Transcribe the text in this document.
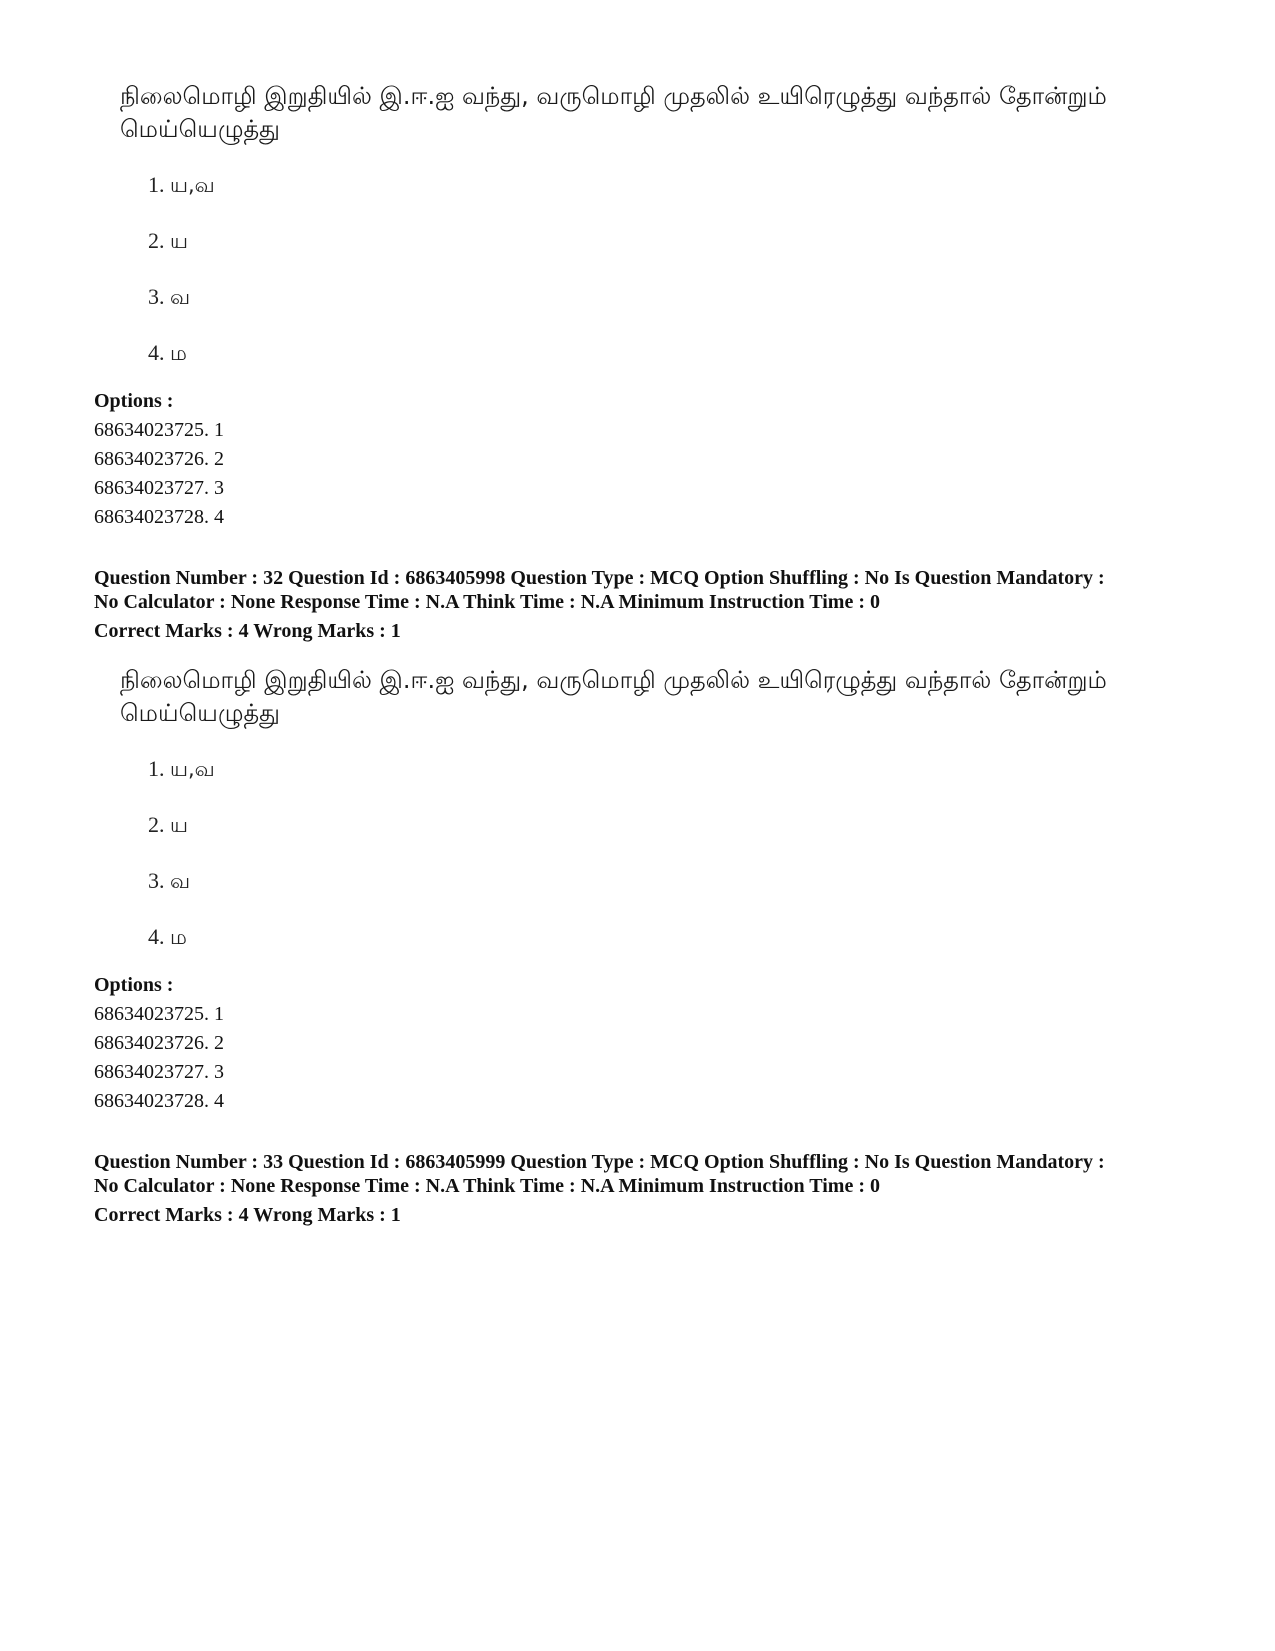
நிலைமொழி இறுதியில் இ.ஈ.ஐ வந்து, வருமொழி முதலில் உயிரெழுத்து வந்தால் தோன்றும் மெய்யெழுத்து
1. ய,வ
2. ய
3. வ
4. ம
Options :
68634023725. 1
68634023726. 2
68634023727. 3
68634023728. 4
Question Number : 32 Question Id : 6863405998 Question Type : MCQ Option Shuffling : No Is Question Mandatory :
No Calculator : None Response Time : N.A Think Time : N.A Minimum Instruction Time : 0
Correct Marks : 4 Wrong Marks : 1
நிலைமொழி இறுதியில் இ.ஈ.ஐ வந்து, வருமொழி முதலில் உயிரெழுத்து வந்தால் தோன்றும் மெய்யெழுத்து
1. ய,வ
2. ய
3. வ
4. ம
Options :
68634023725. 1
68634023726. 2
68634023727. 3
68634023728. 4
Question Number : 33 Question Id : 6863405999 Question Type : MCQ Option Shuffling : No Is Question Mandatory :
No Calculator : None Response Time : N.A Think Time : N.A Minimum Instruction Time : 0
Correct Marks : 4 Wrong Marks : 1
